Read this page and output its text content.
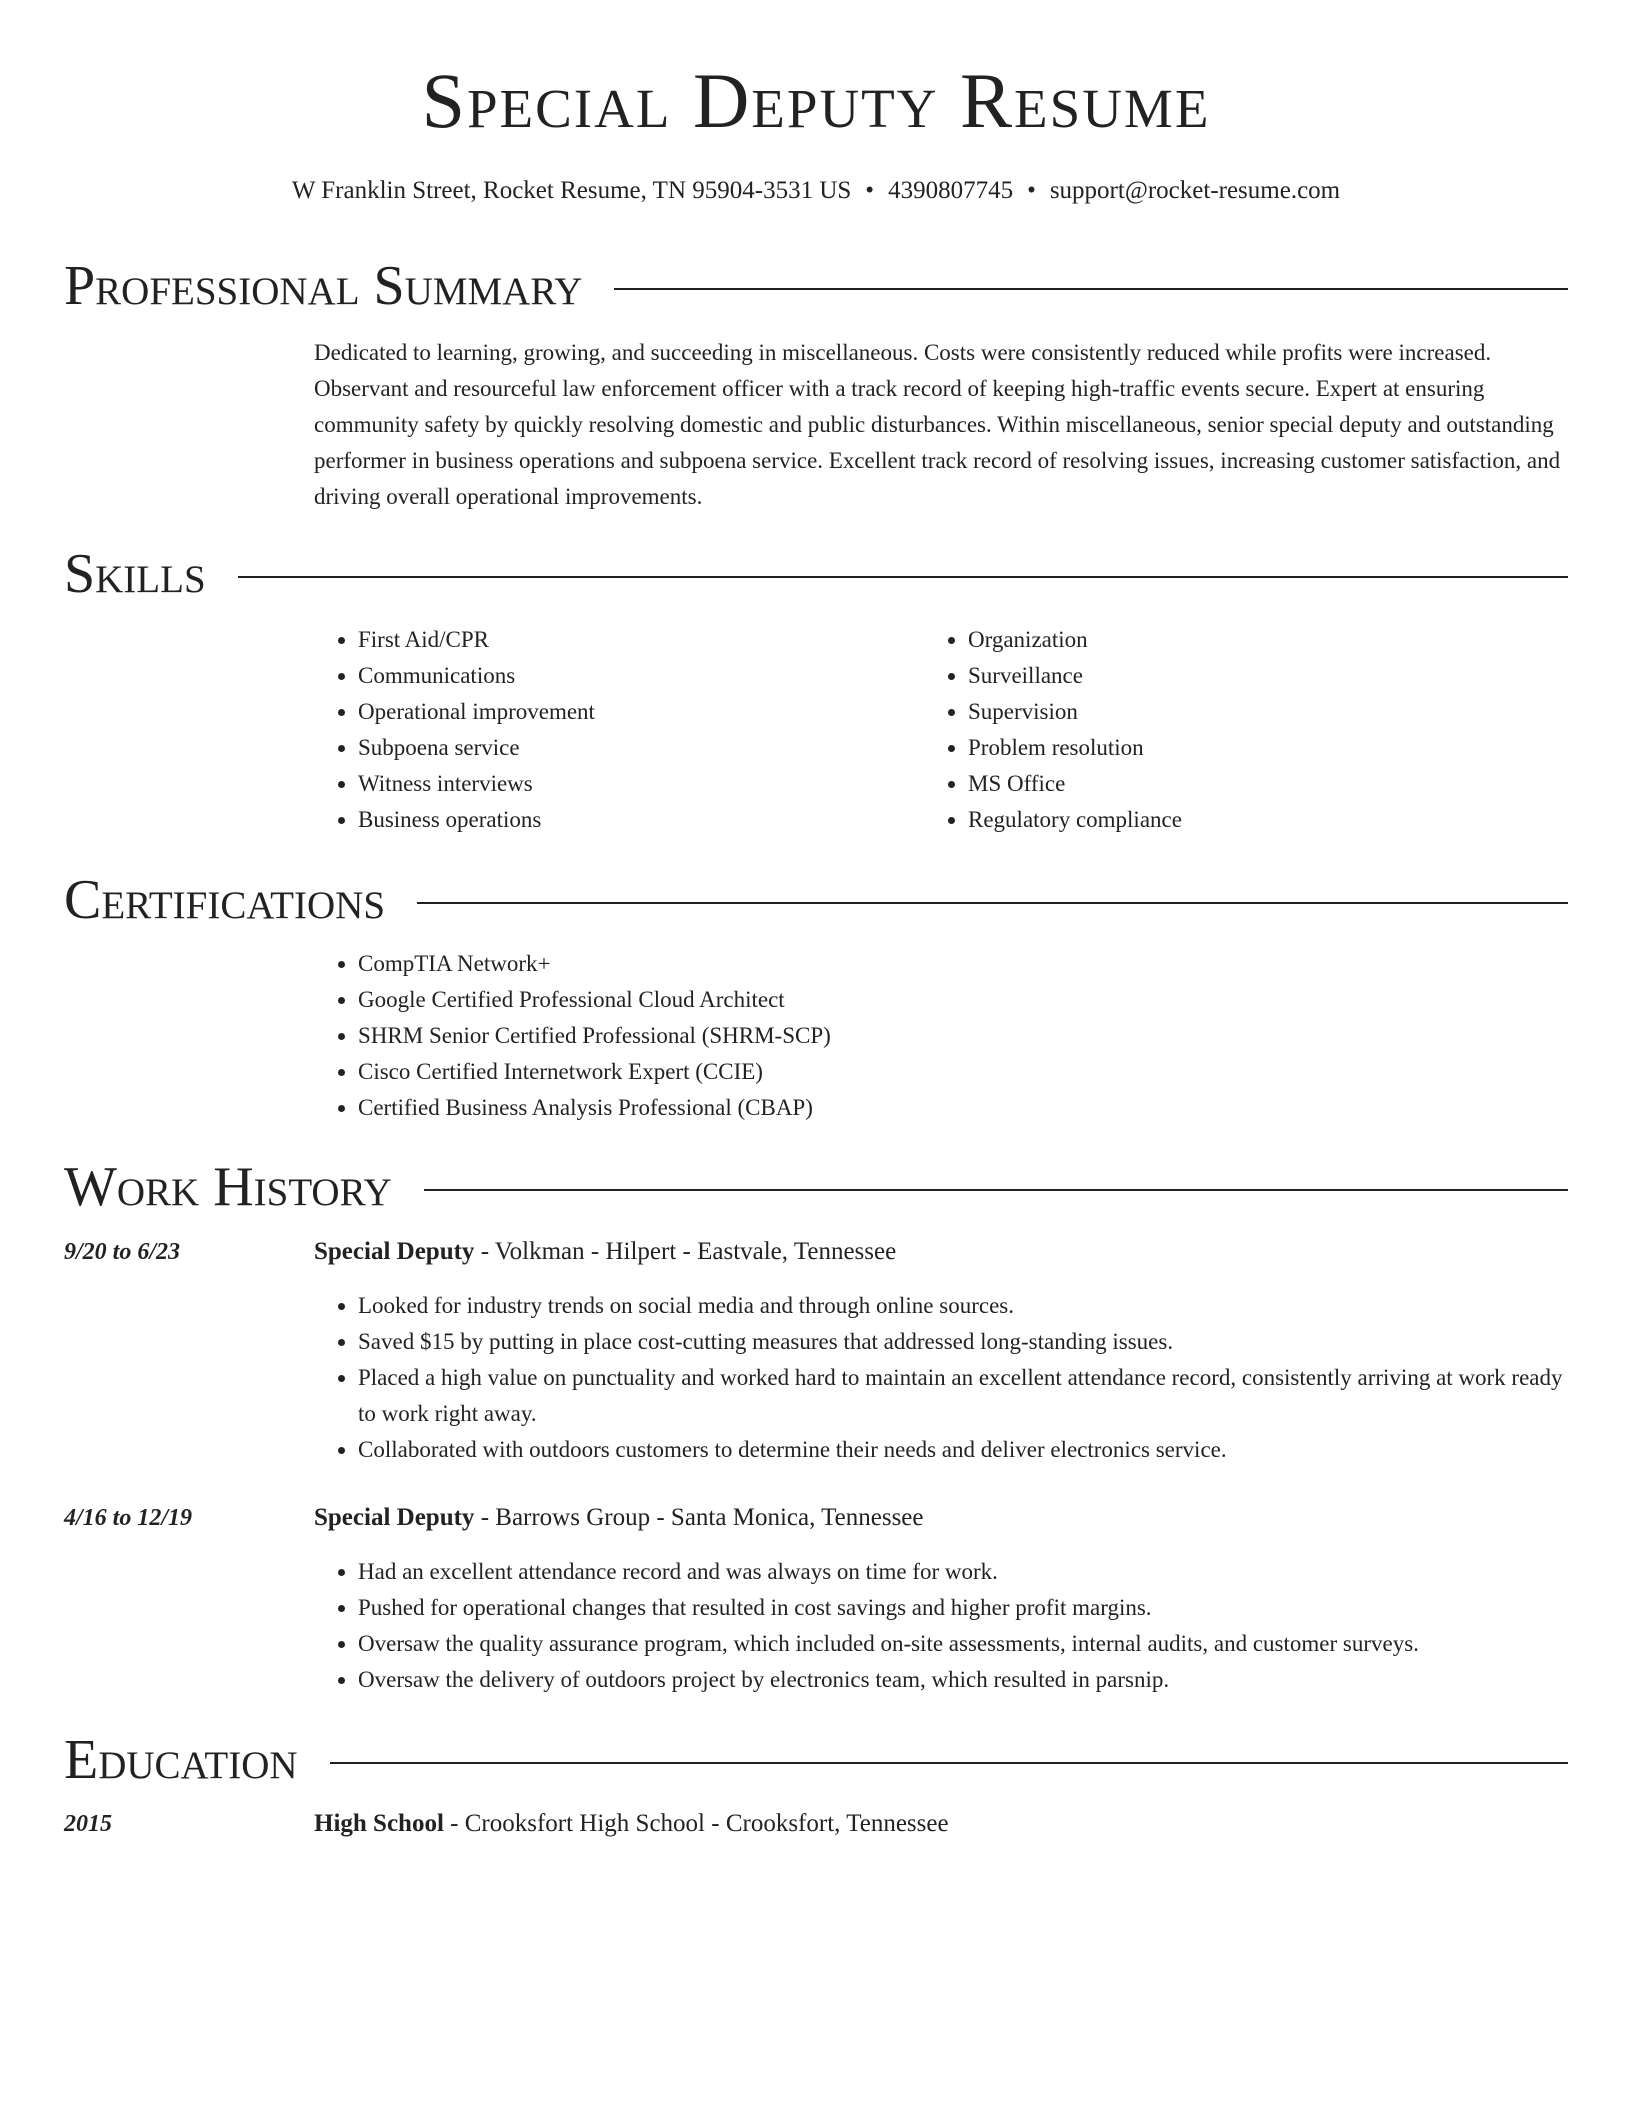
Special Deputy Resume
W Franklin Street, Rocket Resume, TN 95904-3531 US • 4390807745 • support@rocket-resume.com
Professional Summary

Dedicated to learning, growing, and succeeding in miscellaneous. Costs were consistently reduced while profits were increased. Observant and resourceful law enforcement officer with a track record of keeping high-traffic events secure. Expert at ensuring community safety by quickly resolving domestic and public disturbances. Within miscellaneous, senior special deputy and outstanding performer in business operations and subpoena service. Excellent track record of resolving issues, increasing customer satisfaction, and driving overall operational improvements.

Skills
• First Aid/CPR
• Communications
• Operational improvement
• Subpoena service
• Witness interviews
• Business operations
• Organization
• Surveillance
• Supervision
• Problem resolution
• MS Office
• Regulatory compliance
Certifications
• CompTIA Network+
• Google Certified Professional Cloud Architect
• SHRM Senior Certified Professional (SHRM-SCP)
• Cisco Certified Internetwork Expert (CCIE)
• Certified Business Analysis Professional (CBAP)
Work History
9/20 to 6/23	Special Deputy - Volkman - Hilpert - Eastvale, Tennessee
• Looked for industry trends on social media and through online sources.
• Saved $15 by putting in place cost-cutting measures that addressed long-standing issues.
• Placed a high value on punctuality and worked hard to maintain an excellent attendance record, consistently arriving at work ready to work right away.
• Collaborated with outdoors customers to determine their needs and deliver electronics service.
4/16 to 12/19	Special Deputy - Barrows Group - Santa Monica, Tennessee
• Had an excellent attendance record and was always on time for work.
• Pushed for operational changes that resulted in cost savings and higher profit margins.
• Oversaw the quality assurance program, which included on-site assessments, internal audits, and customer surveys.
• Oversaw the delivery of outdoors project by electronics team, which resulted in parsnip.
Education
2015	High School - Crooksfort High School - Crooksfort, Tennessee
